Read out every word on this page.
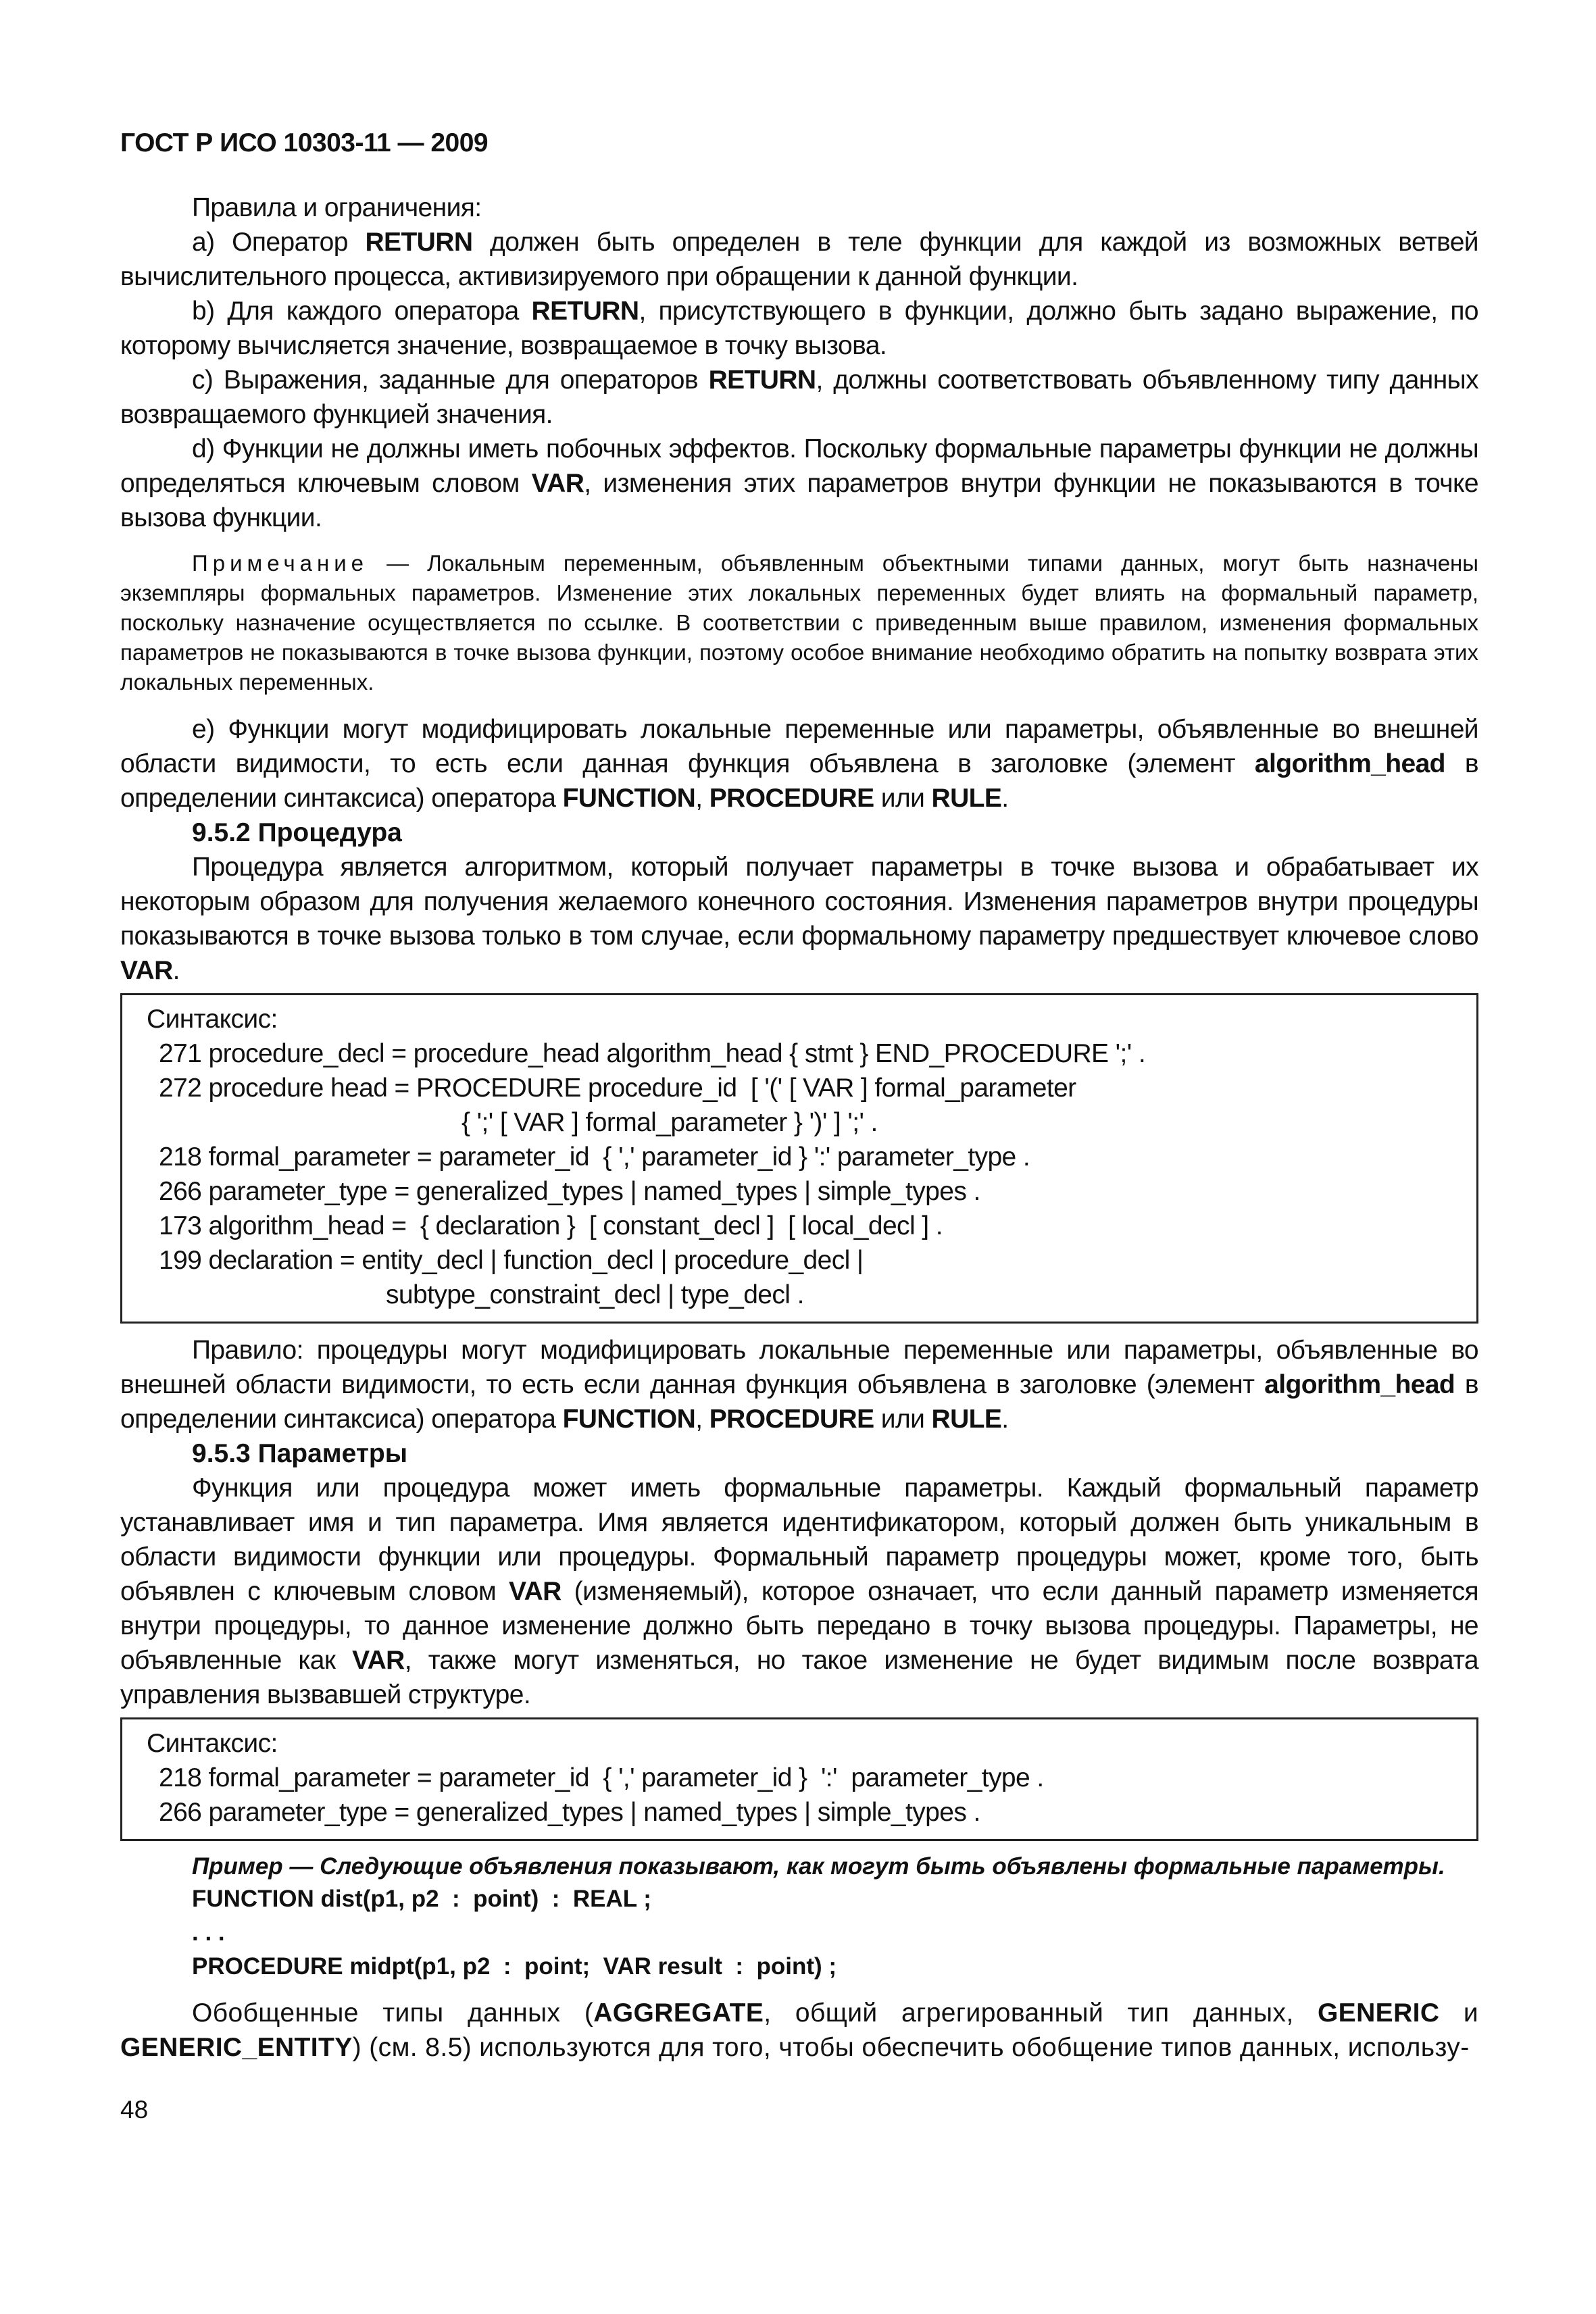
ГОСТ Р ИСО 10303-11 — 2009

Правила и ограничения:

a) Оператор RETURN должен быть определен в теле функции для каждой из возможных ветвей вычислительного процесса, активизируемого при обращении к данной функции.

b) Для каждого оператора RETURN, присутствующего в функции, должно быть задано выражение, по которому вычисляется значение, возвращаемое в точку вызова.

c) Выражения, заданные для операторов RETURN, должны соответствовать объявленному типу данных возвращаемого функцией значения.

d) Функции не должны иметь побочных эффектов. Поскольку формальные параметры функции не должны определяться ключевым словом VAR, изменения этих параметров внутри функции не показываются в точке вызова функции.

Примечание — Локальным переменным, объявленным объектными типами данных, могут быть назначены экземпляры формальных параметров. Изменение этих локальных переменных будет влиять на формальный параметр, поскольку назначение осуществляется по ссылке. В соответствии с приведенным выше правилом, изменения формальных параметров не показываются в точке вызова функции, поэтому особое внимание необходимо обратить на попытку возврата этих локальных переменных.

e) Функции могут модифицировать локальные переменные или параметры, объявленные во внешней области видимости, то есть если данная функция объявлена в заголовке (элемент algorithm_head в определении синтаксиса) оператора FUNCTION, PROCEDURE или RULE.

9.5.2 Процедура

Процедура является алгоритмом, который получает параметры в точке вызова и обрабатывает их некоторым образом для получения желаемого конечного состояния. Изменения параметров внутри процедуры показываются в точке вызова только в том случае, если формальному параметру предшествует ключевое слово VAR.

Синтаксис:
271 procedure_decl = procedure_head algorithm_head { stmt } END_PROCEDURE ';' .
272 procedure head = PROCEDURE procedure_id  [ '(' [ VAR ] formal_parameter
{ ';' [ VAR ] formal_parameter } ')' ] ';' .
218 formal_parameter = parameter_id  { ',' parameter_id } ':' parameter_type .
266 parameter_type = generalized_types | named_types | simple_types .
173 algorithm_head =  { declaration }  [ constant_decl ]  [ local_decl ] .
199 declaration = entity_decl | function_decl | procedure_decl |
subtype_constraint_decl | type_decl .

Правило: процедуры могут модифицировать локальные переменные или параметры, объявленные во внешней области видимости, то есть если данная функция объявлена в заголовке (элемент algorithm_head в определении синтаксиса) оператора FUNCTION, PROCEDURE или RULE.

9.5.3 Параметры

Функция или процедура может иметь формальные параметры. Каждый формальный параметр устанавливает имя и тип параметра. Имя является идентификатором, который должен быть уникальным в области видимости функции или процедуры. Формальный параметр процедуры может, кроме того, быть объявлен с ключевым словом VAR (изменяемый), которое означает, что если данный параметр изменяется внутри процедуры, то данное изменение должно быть передано в точку вызова процедуры. Параметры, не объявленные как VAR, также могут изменяться, но такое изменение не будет видимым после возврата управления вызвавшей структуре.

Синтаксис:
218 formal_parameter = parameter_id  { ',' parameter_id }  ':'  parameter_type .
266 parameter_type = generalized_types | named_types | simple_types .

Пример — Следующие объявления показывают, как могут быть объявлены формальные параметры.

FUNCTION dist(p1, p2  :  point)  :  REAL ;
. . .
PROCEDURE midpt(p1, p2  :  point;  VAR result  :  point) ;

Обобщенные типы данных (AGGREGATE, общий агрегированный тип данных, GENERIC и GENERIC_ENTITY) (см. 8.5) используются для того, чтобы обеспечить обобщение типов данных, использу-

48
